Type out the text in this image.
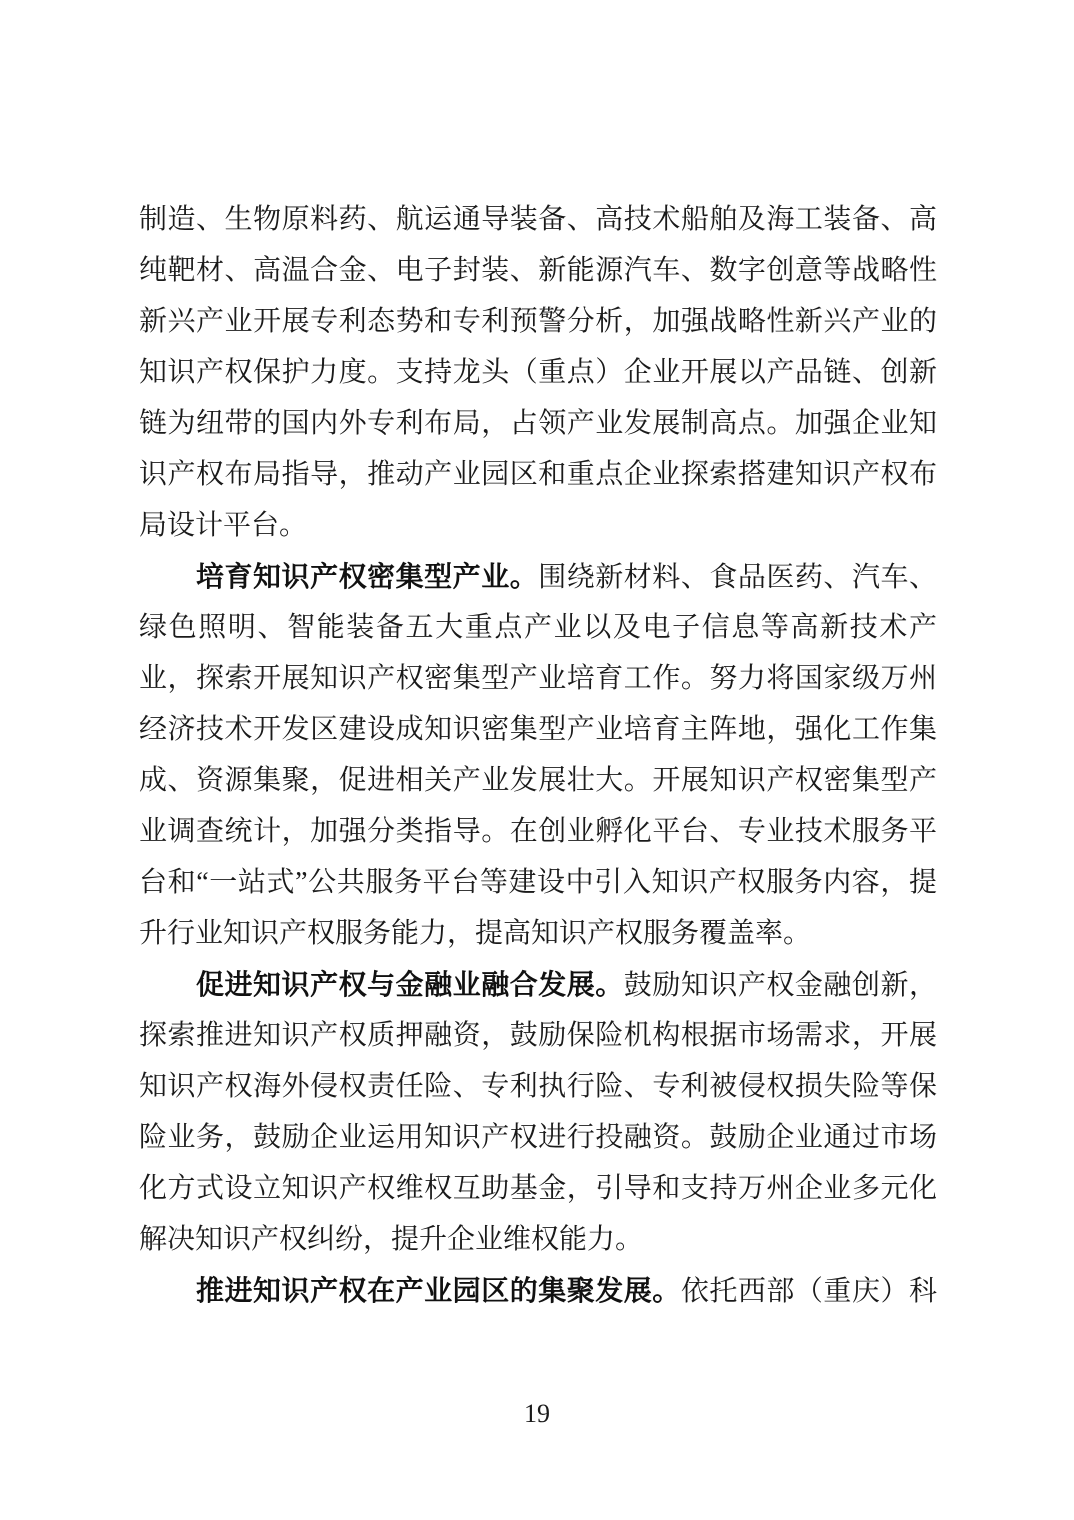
制造、生物原料药、航运通导装备、高技术船舶及海工装备、高
纯靶材、高温合金、电子封装、新能源汽车、数字创意等战略性
新兴产业开展专利态势和专利预警分析，加强战略性新兴产业的
知识产权保护力度。支持龙头（重点）企业开展以产品链、创新
链为纽带的国内外专利布局，占领产业发展制高点。加强企业知
识产权布局指导，推动产业园区和重点企业探索搭建知识产权布
局设计平台。
培育知识产权密集型产业。围绕新材料、食品医药、汽车、
绿色照明、智能装备五大重点产业以及电子信息等高新技术产
业，探索开展知识产权密集型产业培育工作。努力将国家级万州
经济技术开发区建设成知识密集型产业培育主阵地，强化工作集
成、资源集聚，促进相关产业发展壮大。开展知识产权密集型产
业调查统计，加强分类指导。在创业孵化平台、专业技术服务平
台和“一站式”公共服务平台等建设中引入知识产权服务内容，提
升行业知识产权服务能力，提高知识产权服务覆盖率。
促进知识产权与金融业融合发展。鼓励知识产权金融创新，
探索推进知识产权质押融资，鼓励保险机构根据市场需求，开展
知识产权海外侵权责任险、专利执行险、专利被侵权损失险等保
险业务，鼓励企业运用知识产权进行投融资。鼓励企业通过市场
化方式设立知识产权维权互助基金，引导和支持万州企业多元化
解决知识产权纠纷，提升企业维权能力。
推进知识产权在产业园区的集聚发展。依托西部（重庆）科
19
